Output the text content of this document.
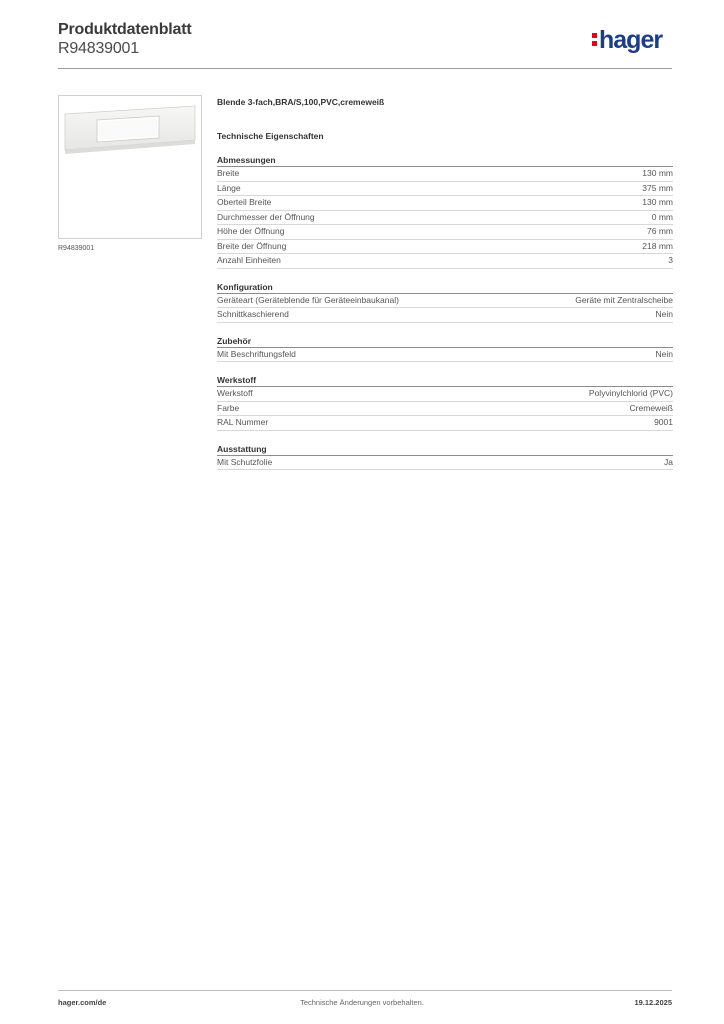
Produktdatenblatt
R94839001	hager
R94839001
Blende 3-fach,BRA/S,100,PVC,cremeweiß
Technische Eigenschaften
Abmessungen
Breite	130 mm
Länge	375 mm
Oberteil Breite	130 mm
Durchmesser der Öffnung	0 mm
Höhe der Öffnung	76 mm
Breite der Öffnung	218 mm
Anzahl Einheiten	3
Konfiguration
Geräteart (Geräteblende für Geräteeinbaukanal)	Geräte mit Zentralscheibe
Schnittkaschierend	Nein
Zubehör
Mit Beschriftungsfeld	Nein
Werkstoff
Werkstoff	Polyvinylchlorid (PVC)
Farbe	Cremeweiß
RAL Nummer	9001
Ausstattung
Mit Schutzfolie	Ja
hager.com/de	Technische Änderungen vorbehalten.	19.12.2025
